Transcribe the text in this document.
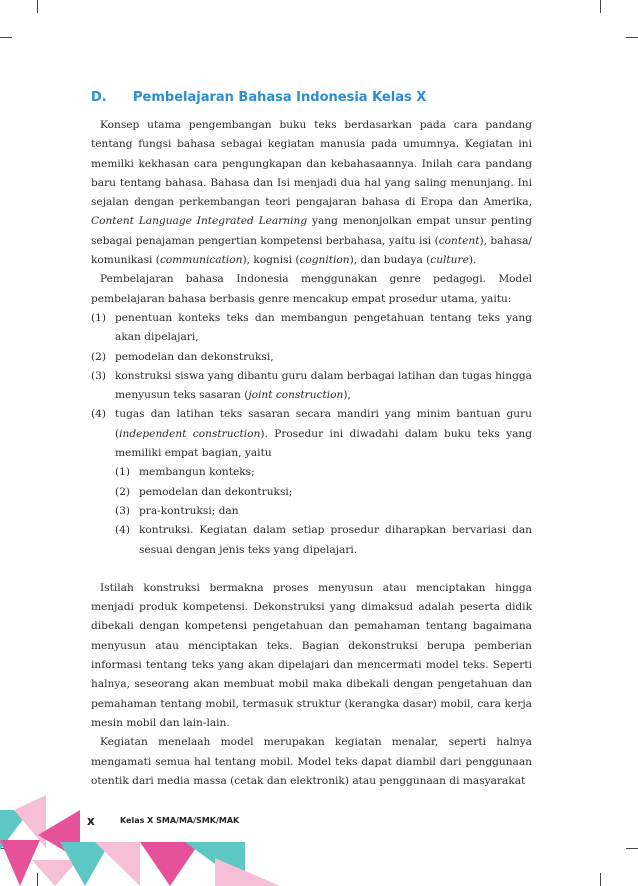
D. Pembelajaran Bahasa Indonesia Kelas X

Konsep utama pengembangan buku teks berdasarkan pada cara pandang tentang fungsi bahasa sebagai kegiatan manusia pada umumnya. Kegiatan ini memilki kekhasan cara pengungkapan dan kebahasaannya. Inilah cara pandang baru tentang bahasa. Bahasa dan Isi menjadi dua hal yang saling menunjang. Ini sejalan dengan perkembangan teori pengajaran bahasa di Eropa dan Amerika, Content Language Integrated Learning yang menonjolkan empat unsur penting sebagai penajaman pengertian kompetensi berbahasa, yaitu isi (content), bahasa/ komunikasi (communication), kognisi (cognition), dan budaya (culture).

Pembelajaran bahasa Indonesia menggunakan genre pedagogi. Model pembelajaran bahasa berbasis genre mencakup empat prosedur utama, yaitu:

(1) penentuan konteks teks dan membangun pengetahuan tentang teks yang akan dipelajari,
(2) pemodelan dan dekonstruksi,
(3) konstruksi siswa yang dibantu guru dalam berbagai latihan dan tugas hingga menyusun teks sasaran (joint construction),
(4) tugas dan latihan teks sasaran secara mandiri yang minim bantuan guru (independent construction). Prosedur ini diwadahi dalam buku teks yang memiliki empat bagian, yaitu
(1) membangun konteks;
(2) pemodelan dan dekontruksi;
(3) pra-kontruksi; dan
(4) kontruksi. Kegiatan dalam setiap prosedur diharapkan bervariasi dan sesuai dengan jenis teks yang dipelajari.

Istilah konstruksi bermakna proses menyusun atau menciptakan hingga menjadi produk kompetensi. Dekonstruksi yang dimaksud adalah peserta didik dibekali dengan kompetensi pengetahuan dan pemahaman tentang bagaimana menyusun atau menciptakan teks. Bagian dekonstruksi berupa pemberian informasi tentang teks yang akan dipelajari dan mencermati model teks. Seperti halnya, seseorang akan membuat mobil maka dibekali dengan pengetahuan dan pemahaman tentang mobil, termasuk struktur (kerangka dasar) mobil, cara kerja mesin mobil dan lain-lain.

Kegiatan menelaah model merupakan kegiatan menalar, seperti halnya mengamati semua hal tentang mobil. Model teks dapat diambil dari penggunaan otentik dari media massa (cetak dan elektronik) atau penggunaan di masyarakat

x	Kelas X SMA/MA/SMK/MAK
